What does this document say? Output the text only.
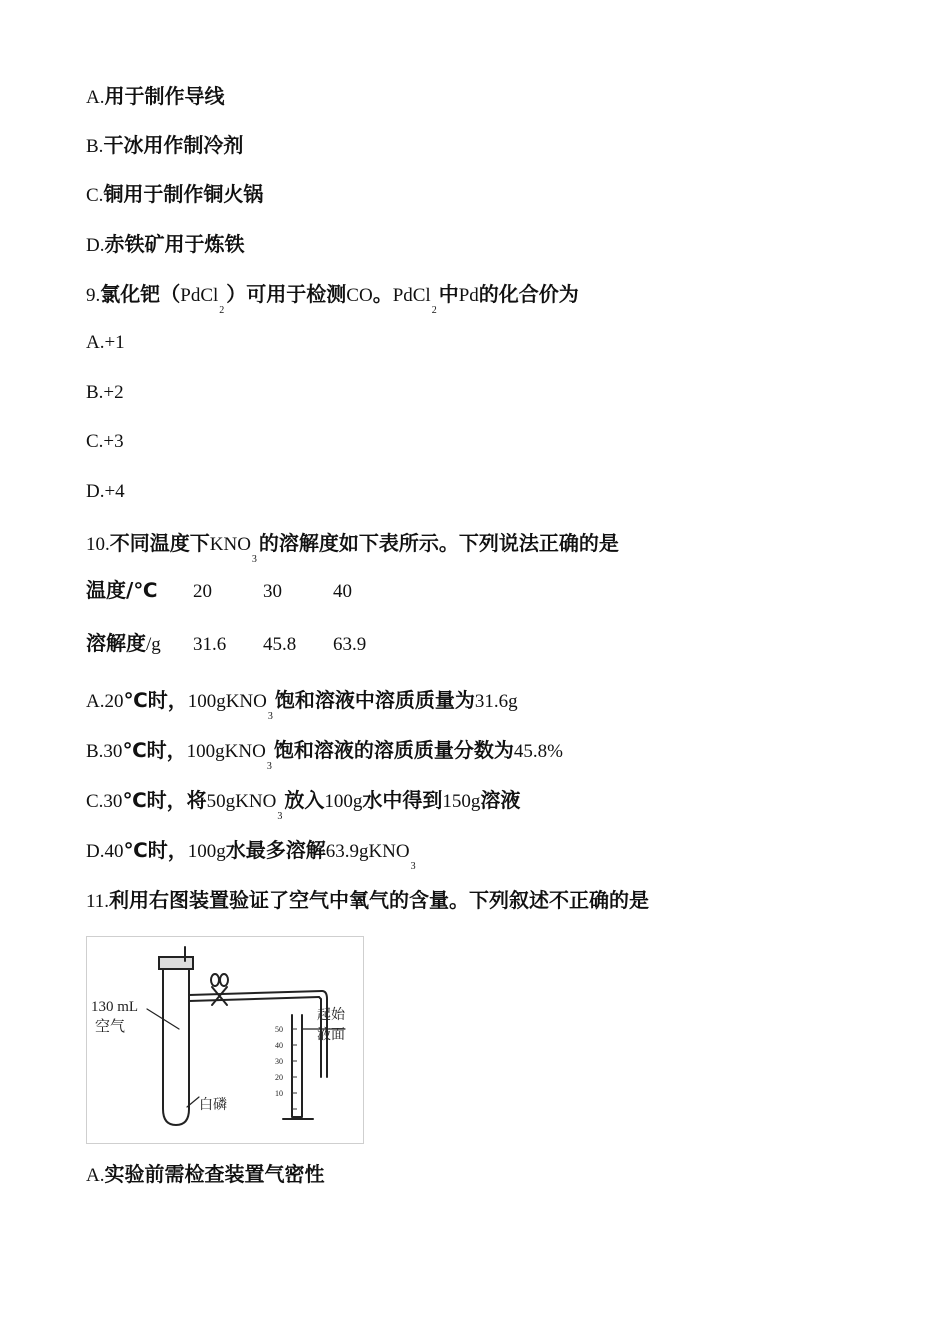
A.用于制作导线
B.干冰用作制冷剂
C.铜用于制作铜火锅
D.赤铁矿用于炼铁
9.氯化钯（PdCl$_2$）可用于检测CO。PdCl$_2$中Pd的化合价为
A.+1
B.+2
C.+3
D.+4
10.不同温度下$KNO_3$的溶解度如下表所示。下列说法正确的是
温度/℃ 20	30	40
溶解度/g 31.6 45.8 63.9
A.20℃时，100gKNO$_3$饱和溶液中溶质质量为31.6g
B.30℃时，100gKNO$_3$饱和溶液的溶质质量分数为45.8%
C.30℃时，将50gKNO$_3$放入100g水中得到150g溶液
D.40℃时，100g水最多溶解63.9gKNO$_3$
11.利用右图装置验证了空气中氧气的含量。下列叙述不正确的是
130 mL
空气
起始
液面
白磷
50
40
30
20
10
A.实验前需检查装置气密性
